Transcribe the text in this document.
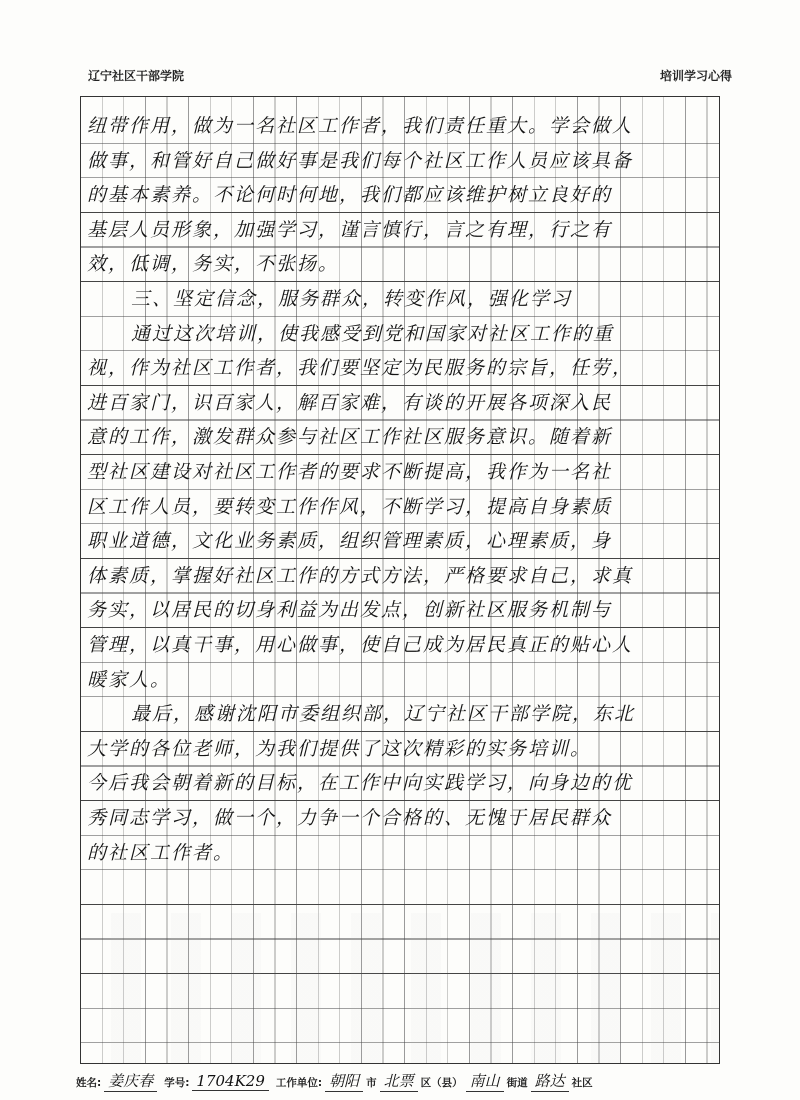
辽宁社区干部学院	培训学习心得
纽带作用，做为一名社区工作者，我们责任重大。学会做人
做事，和管好自己做好事是我们每个社区工作人员应该具备
的基本素养。不论何时何地，我们都应该维护树立良好的
基层人员形象，加强学习，谨言慎行，言之有理，行之有
效，低调，务实，不张扬。
三、坚定信念，服务群众，转变作风，强化学习
通过这次培训，使我感受到党和国家对社区工作的重
视，作为社区工作者，我们要坚定为民服务的宗旨，任劳，
进百家门，识百家人，解百家难，有谈的开展各项深入民
意的工作，激发群众参与社区工作社区服务意识。随着新
型社区建设对社区工作者的要求不断提高，我作为一名社
区工作人员，要转变工作作风，不断学习，提高自身素质
职业道德，文化业务素质，组织管理素质，心理素质，身
体素质，掌握好社区工作的方式方法，严格要求自己，求真
务实，以居民的切身利益为出发点，创新社区服务机制与
管理，以真干事，用心做事，使自己成为居民真正的贴心人
暖家人。
最后，感谢沈阳市委组织部，辽宁社区干部学院，东北
大学的各位老师，为我们提供了这次精彩的实务培训。
今后我会朝着新的目标，在工作中向实践学习，向身边的优
秀同志学习，做一个，力争一个合格的、无愧于居民群众
的社区工作者。
姓名: 姜庆春	学号: 1704K29	工作单位: 朝阳 市 北票 区（县） 南山 街道 路达 社区
